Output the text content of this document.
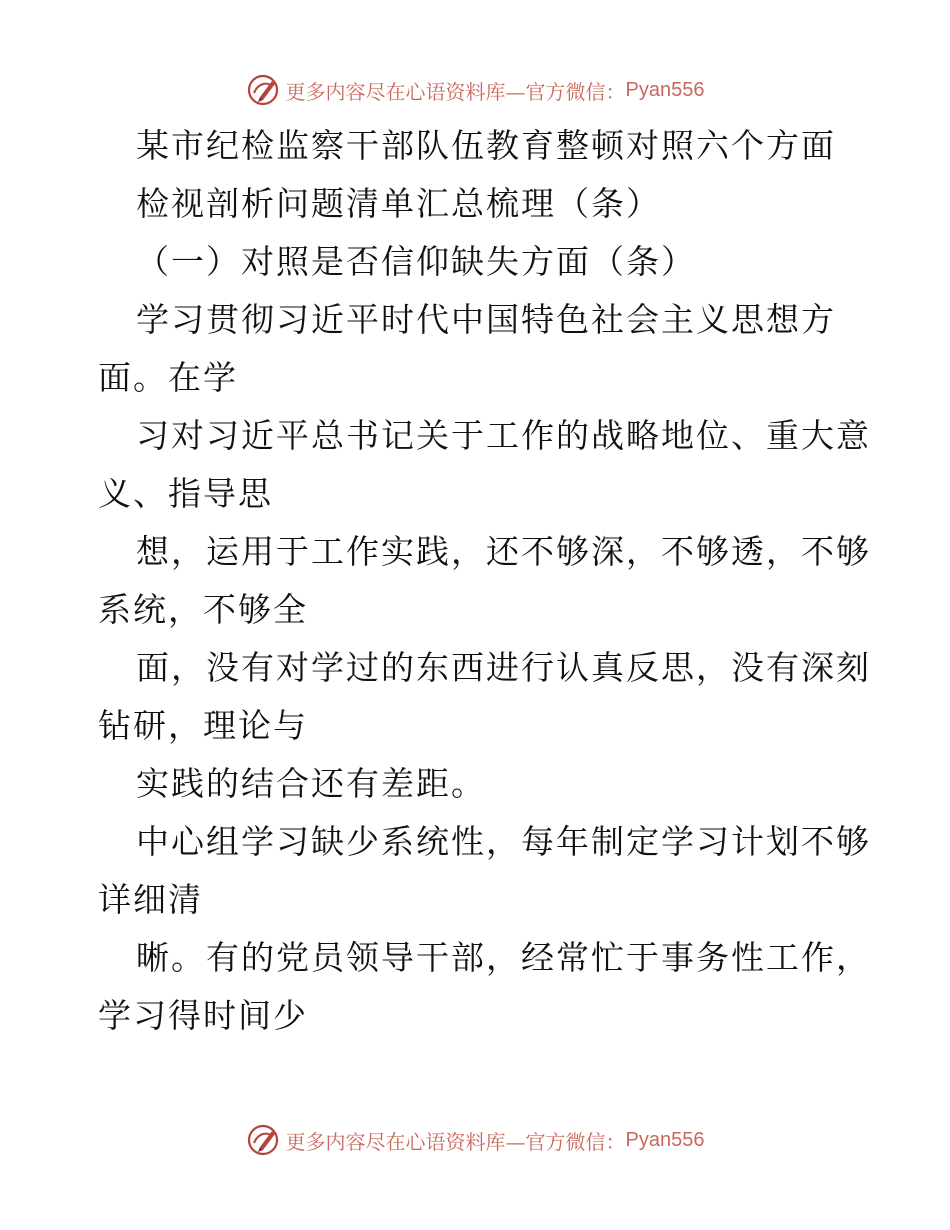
更多内容尽在心语资料库—官方微信： Pyan556
某市纪检监察干部队伍教育整顿对照六个方面
检视剖析问题清单汇总梳理（条）
（一）对照是否信仰缺失方面（条）
学习贯彻习近平时代中国特色社会主义思想方
面。在学
习对习近平总书记关于工作的战略地位、重大意
义、指导思
想，运用于工作实践，还不够深，不够透，不够
系统，不够全
面，没有对学过的东西进行认真反思，没有深刻
钻研，理论与
实践的结合还有差距。
中心组学习缺少系统性，每年制定学习计划不够
详细清
晰。有的党员领导干部，经常忙于事务性工作，
学习得时间少
更多内容尽在心语资料库—官方微信： Pyan556
